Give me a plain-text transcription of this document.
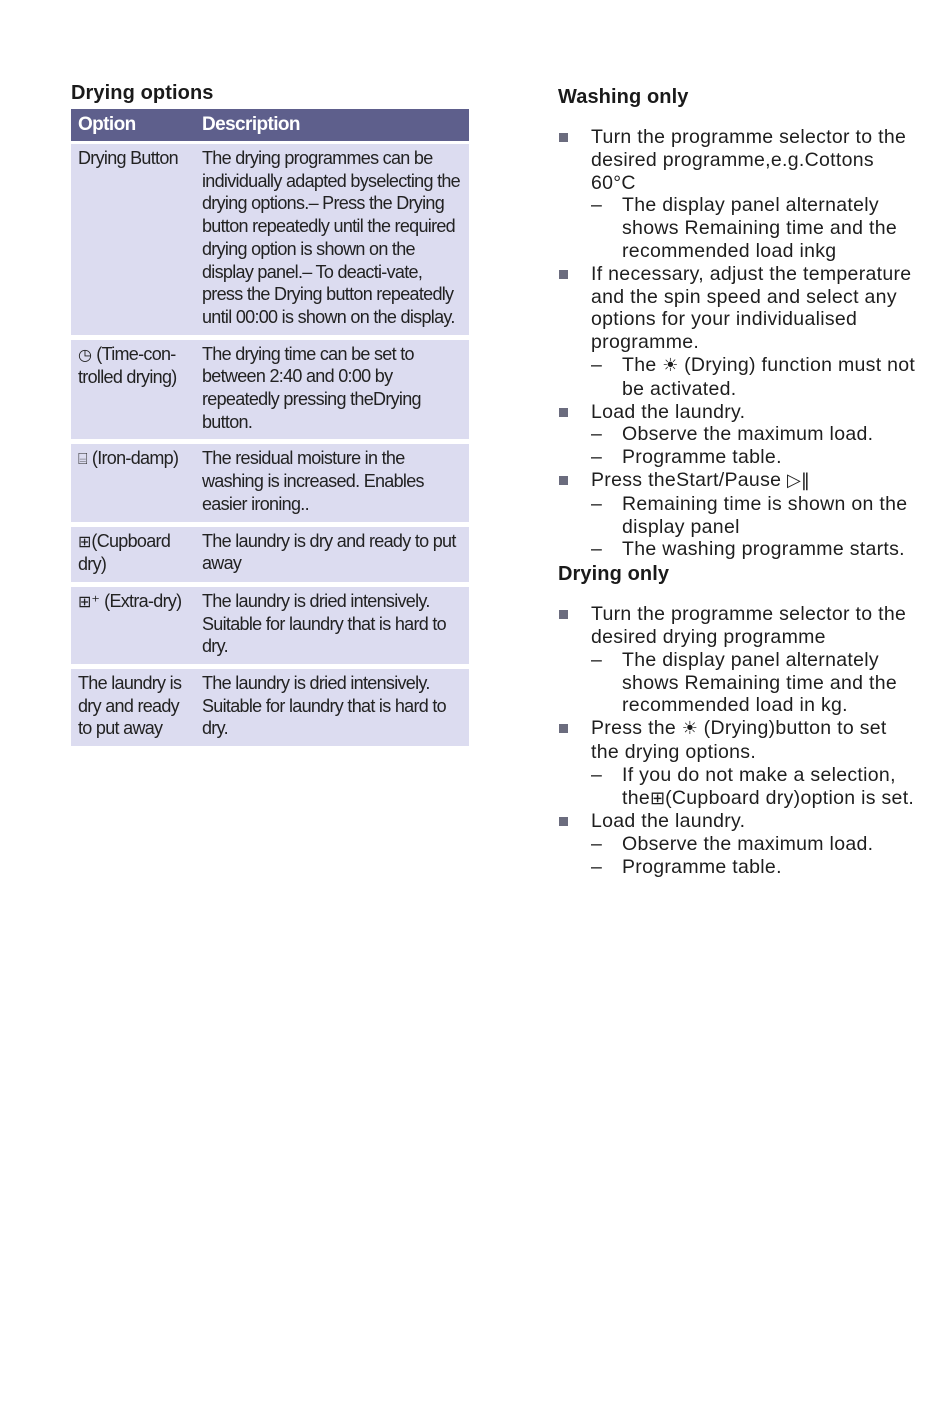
Drying options
Option	Description
Drying Button	The drying programmes can be individually adapted byselecting the drying options.– Press the Drying button repeatedly until the required drying option is shown on the display panel.– To deacti-vate, press the Drying button repeatedly until 00:00 is shown on the display.
◷ (Time-con-trolled drying)	The drying time can be set to between 2:40 and 0:00 by repeatedly pressing theDrying button.
⌸ (Iron-damp)	The residual moisture in the washing is increased. Enables easier ironing..
⊞(Cupboard dry)	The laundry is dry and ready to put away
⊞⁺ (Extra-dry)	The laundry is dried intensively. Suitable for laundry that is hard to dry.
The laundry is dry and ready to put away	The laundry is dried intensively. Suitable for laundry that is hard to dry.
Washing only
Turn the programme selector to the desired programme,e.g.Cottons 60°C
– The display panel alternately shows Remaining time and the recommended load inkg
If necessary, adjust the temperature and the spin speed and select any options for your individualised programme.
– The ☀ (Drying) function must not be activated.
Load the laundry.
– Observe the maximum load.
– Programme table.
Press theStart/Pause ▷‖
– Remaining time is shown on the display panel
– The washing programme starts.
Drying only
Turn the programme selector to the desired drying programme
– The display panel alternately shows Remaining time and the recommended load in kg.
Press the ☀ (Drying)button to set the drying options.
– If you do not make a selection, the⊞(Cupboard dry)option is set.
Load the laundry.
– Observe the maximum load.
– Programme table.
